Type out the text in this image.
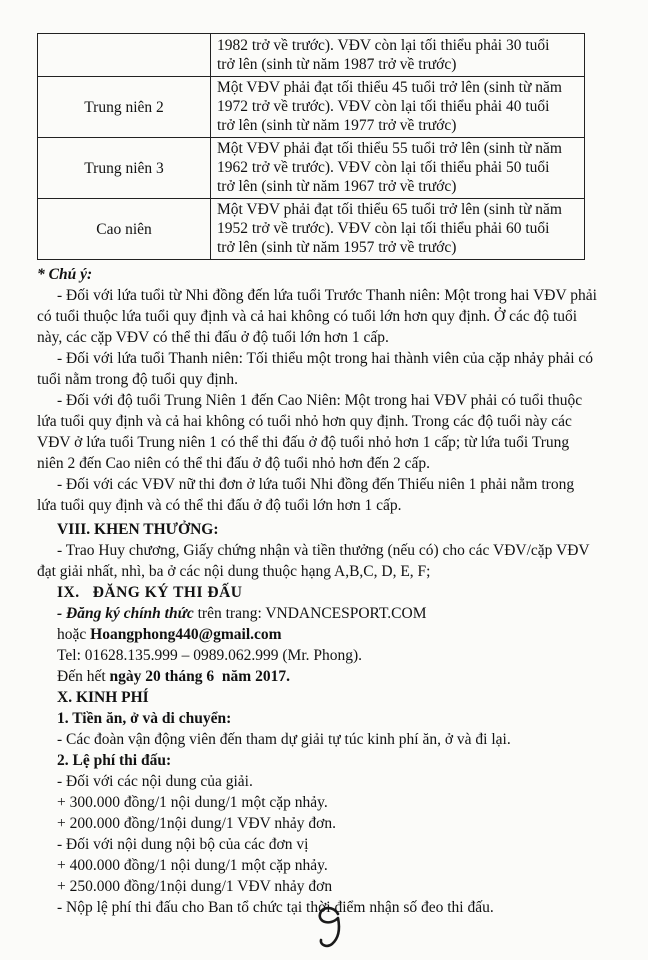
	1982 trở về trước). VĐV còn lại tối thiểu phải 30 tuổi
trở lên (sinh từ năm 1987 trở về trước)

Trung niên 2	Một VĐV phải đạt tối thiểu 45 tuổi trở lên (sinh từ năm
1972 trở về trước). VĐV còn lại tối thiểu phải 40 tuổi
trở lên (sinh từ năm 1977 trở về trước)

Trung niên 3	Một VĐV phải đạt tối thiểu 55 tuổi trở lên (sinh từ năm
1962 trở về trước). VĐV còn lại tối thiểu phải 50 tuổi
trở lên (sinh từ năm 1967 trở về trước)

Cao niên	Một VĐV phải đạt tối thiểu 65 tuổi trở lên (sinh từ năm
1952 trở về trước). VĐV còn lại tối thiểu phải 60 tuổi
trở lên (sinh từ năm 1957 trở về trước)

* Chú ý:

- Đối với lứa tuổi từ Nhi đồng đến lứa tuổi Trước Thanh niên: Một trong hai VĐV phải có tuổi thuộc lứa tuổi quy định và cả hai không có tuổi lớn hơn quy định. Ở các độ tuổi này, các cặp VĐV có thể thi đấu ở độ tuổi lớn hơn 1 cấp.

- Đối với lứa tuổi Thanh niên: Tối thiểu một trong hai thành viên của cặp nhảy phải có tuổi nằm trong độ tuổi quy định.

- Đối với độ tuổi Trung Niên 1 đến Cao Niên: Một trong hai VĐV phải có tuổi thuộc lứa tuổi quy định và cả hai không có tuổi nhỏ hơn quy định. Trong các độ tuổi này các VĐV ở lứa tuổi Trung niên 1 có thể thi đấu ở độ tuổi nhỏ hơn 1 cấp; từ lứa tuổi Trung niên 2 đến Cao niên có thể thi đấu ở độ tuổi nhỏ hơn đến 2 cấp.

- Đối với các VĐV nữ thi đơn ở lứa tuổi Nhi đồng đến Thiếu niên 1 phải nằm trong lứa tuổi quy định và có thể thi đấu ở độ tuổi lớn hơn 1 cấp.

VIII. KHEN THƯỞNG:

- Trao Huy chương, Giấy chứng nhận và tiền thưởng (nếu có) cho các VĐV/cặp VĐV đạt giải nhất, nhì, ba ở các nội dung thuộc hạng A,B,C, D, E, F;

IX.   ĐĂNG KÝ THI ĐẤU

- Đăng ký chính thức trên trang: VNDANCESPORT.COM

hoặc Hoangphong440@gmail.com

Tel: 01628.135.999 – 0989.062.999 (Mr. Phong).

Đến hết ngày 20 tháng 6  năm 2017.

X. KINH PHÍ

1. Tiền ăn, ở và di chuyển:

- Các đoàn vận động viên đến tham dự giải tự túc kinh phí ăn, ở và đi lại.

2. Lệ phí thi đấu:

- Đối với các nội dung của giải.

+ 300.000 đồng/1 nội dung/1 một cặp nhảy.

+ 200.000 đồng/1nội dung/1 VĐV nhảy đơn.

- Đối với nội dung nội bộ của các đơn vị

+ 400.000 đồng/1 nội dung/1 một cặp nhảy.

+ 250.000 đồng/1nội dung/1 VĐV nhảy đơn

- Nộp lệ phí thi đấu cho Ban tổ chức tại thời điểm nhận số đeo thi đấu.
